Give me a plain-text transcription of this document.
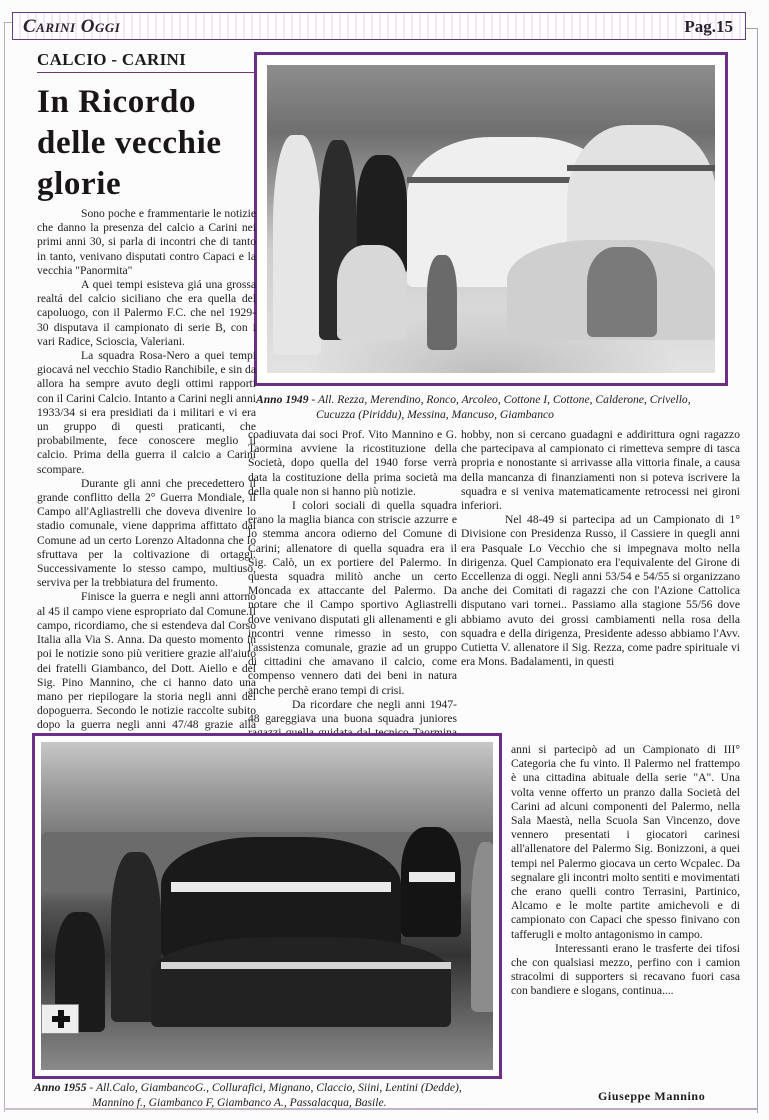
Carini Oggi	Pag.15
CALCIO - CARINI
In Ricordo delle vecchie glorie
Anno 1949 - All. Rezza, Merendino, Ronco, Arcoleo, Cottone I, Cottone, Calderone, Crivello,
Cucuzza (Piriddu), Messina, Mancuso, Giambanco

Sono poche e frammentarie le notizie che danno la presenza del calcio a Carini nei primi anni 30, si parla di incontri che di tanto in tanto, venivano disputati contro Capaci e la vecchia "Panormita"

A quei tempi esisteva giá una grossa realtá del calcio siciliano che era quella del capoluogo, con il Palermo F.C. che nel 1929-30 disputava il campionato di serie B, con i vari Radice, Scioscia, Valeriani.

La squadra Rosa-Nero a quei tempi giocavá nel vecchio Stadio Ranchibile, e sin da allora ha sempre avuto degli ottimi rapporti con il Carini Calcio. Intanto a Carini negli anni 1933/34 si era presidiati da i militari e vi era un gruppo di questi praticanti, che probabilmente, fece conoscere meglio il calcio. Prima della guerra il calcio a Carini scompare.

Durante gli anni che precedettero il grande conflitto della 2° Guerra Mondiale, il Campo all'Agliastrelli che doveva divenire lo stadio comunale, viene dapprima affittato dal Comune ad un certo Lorenzo Altadonna che lo sfruttava per la coltivazione di ortaggi. Successivamente lo stesso campo, multiuso, serviva per la trebbiatura del frumento.

Finisce la guerra e negli anni attorno al 45 il campo viene espropriato dal Comune.Il campo, ricordiamo, che si estendeva dal Corso Italia alla Via S. Anna. Da questo momento in poi le notizie sono più veritiere grazie all'aiuto dei fratelli Giambanco, del Dott. Aiello e del Sig. Pino Mannino, che ci hanno dato una mano per riepilogare la storia negli anni del dopoguerra. Secondo le notizie raccolte subito dopo la guerra negli anni 47/48 grazie alla

coadiuvata dai soci Prof. Vito Mannino e G. Taormina avviene la ricostituzione della Società, dopo quella del 1940 forse verrà data la costituzione della prima società ma della quale non si hanno più notizie.

I colori sociali di quella squadra erano la maglia bianca con striscie azzurre e lo stemma ancora odierno del Comune di Carini; allenatore di quella squadra era il Sig. Calò, un ex portiere del Palermo. In questa squadra militò anche un certo Moncada ex attaccante del Palermo. Da notare che il Campo sportivo Agliastrelli dove venivano disputati gli allenamenti e gli incontri venne rimesso in sesto, con l'assistenza comunale, grazie ad un gruppo di cittadini che amavano il calcio, come compenso vennero dati dei beni in natura anche perchè erano tempi di crisi.

Da ricordare che negli anni 1947-48 gareggiava una buona squadra juniores

hobby, non si cercano guadagni e addirittura ogni ragazzo che partecipava al campionato ci rimetteva sempre di tasca propria e nonostante si arrivasse alla vittoria finale, a causa della mancanza di finanziamenti non si poteva iscrivere la squadra e si veniva matematicamente retrocessi nei gironi inferiori.

Nel 48-49 si partecipa ad un Campionato di 1° Divisione con Presidenza Russo, il Cassiere in quegli anni era Pasquale Lo Vecchio che si impegnava molto nella dirigenza. Quel Campionato era l'equivalente del Girone di Eccellenza di oggi. Negli anni 53/54 e 54/55 si organizzano anche dei Comitati di ragazzi che con l'Azione Cattolica disputano vari tornei.. Passiamo alla stagione 55/56 dove abbiamo avuto dei grossi cambiamenti nella rosa della squadra e della dirigenza, Presidente adesso abbiamo l'Avv. Cutietta V. allenatore il Sig. Rezza, come padre spirituale vi era Mons. Badalamenti, in questi

anni si partecipò ad un Campionato di III° Categoria che fu vinto. Il Palermo nel frattempo è una cittadina abituale della serie "A". Una volta venne offerto un pranzo dalla Società del Carini ad alcuni componenti del Palermo, nella Sala Maestà, nella Scuola San Vincenzo, dove vennero presentati i giocatori carinesi all'allenatore del Palermo Sig. Bonizzoni, a quei tempi nel Palermo giocava un certo Wcpalec. Da segnalare gli incontri molto sentiti e movimentati che erano quelli contro Terrasini, Partinico, Alcamo e le molte partite amichevoli e di campionato con Capaci che spesso finivano con tafferugli e molto antagonismo in campo.

Interessanti erano le trasferte dei tifosi che con qualsiasi mezzo, perfino con i camion stracolmi di supporters si recavano fuori casa con bandiere e slogans, continua....

Giuseppe Mannino
Anno 1955 - All.Calo, GiambancoG., Collurafici, Mignano, Claccio, Siini, Lentini (Dedde),
Mannino f., Giambanco F, Giambanco A., Passalacqua, Basile.
